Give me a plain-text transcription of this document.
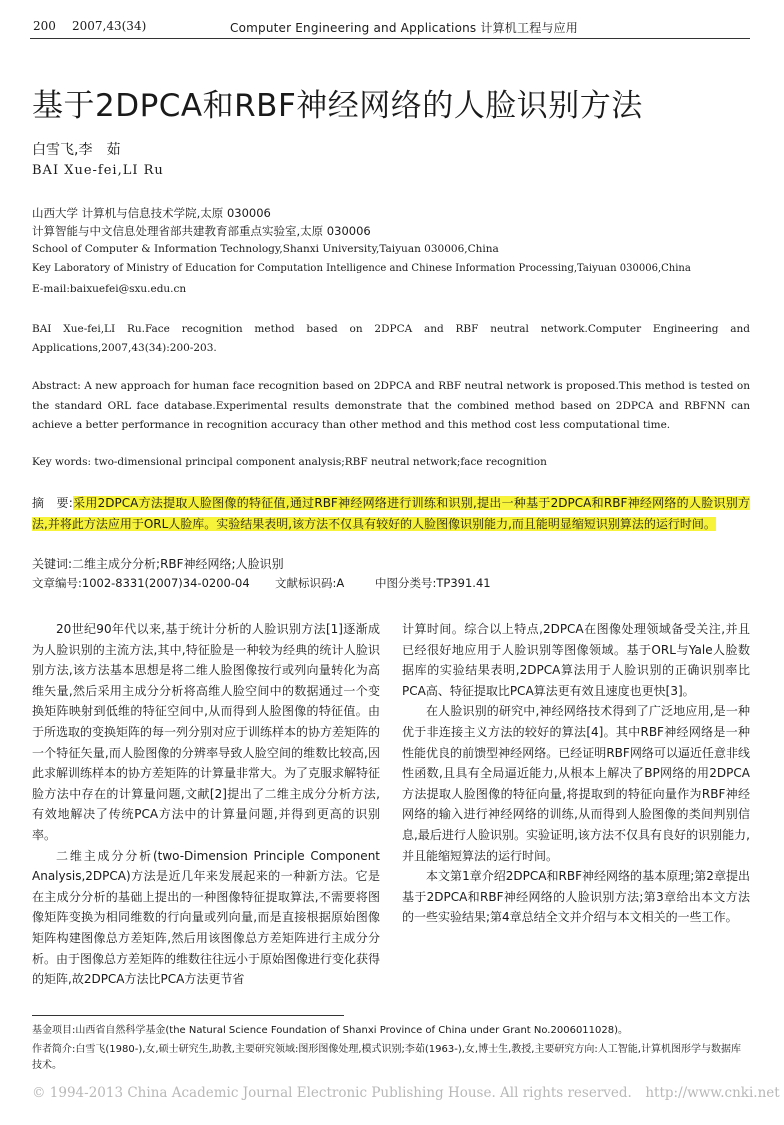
200 2007,43(34)	Computer Engineering and Applications 计算机工程与应用
基于2DPCA和RBF神经网络的人脸识别方法
白雪飞,李　茹
BAI Xue-fei,LI Ru
山西大学 计算机与信息技术学院,太原 030006
计算智能与中文信息处理省部共建教育部重点实验室,太原 030006
School of Computer & Information Technology,Shanxi University,Taiyuan 030006,China
Key Laboratory of Ministry of Education for Computation Intelligence and Chinese Information Processing,Taiyuan 030006,China
E-mail:baixuefei@sxu.edu.cn
BAI Xue-fei,LI Ru.Face recognition method based on 2DPCA and RBF neutral network.Computer Engineering and Applications,2007,43(34):200-203.
Abstract: A new approach for human face recognition based on 2DPCA and RBF neutral network is proposed.This method is tested on the standard ORL face database.Experimental results demonstrate that the combined method based on 2DPCA and RBFNN can achieve a better performance in recognition accuracy than other method and this method cost less computational time.
Key words: two-dimensional principal component analysis;RBF neutral network;face recognition
摘　要:采用2DPCA方法提取人脸图像的特征值,通过RBF神经网络进行训练和识别,提出一种基于2DPCA和RBF神经网络的人脸识别方法,并将此方法应用于ORL人脸库。实验结果表明,该方法不仅具有较好的人脸图像识别能力,而且能明显缩短识别算法的运行时间。
关键词:二维主成分分析;RBF神经网络;人脸识别
文章编号:1002-8331(2007)34-0200-04 文献标识码:A	中图分类号:TP391.41
20世纪90年代以来,基于统计分析的人脸识别方法[1]逐渐成为人脸识别的主流方法,其中,特征脸是一种较为经典的统计人脸识别方法,该方法基本思想是将二维人脸图像按行或列向量转化为高维矢量,然后采用主成分分析将高维人脸空间中的数据通过一个变换矩阵映射到低维的特征空间中,从而得到人脸图像的特征值。由于所选取的变换矩阵的每一列分别对应于训练样本的协方差矩阵的一个特征矢量,而人脸图像的分辨率导致人脸空间的维数比较高,因此求解训练样本的协方差矩阵的计算量非常大。为了克服求解特征脸方法中存在的计算量问题,文献[2]提出了二维主成分分析方法,有效地解决了传统PCA方法中的计算量问题,并得到更高的识别率。
二维主成分分析(two-Dimension Principle Component Analysis,2DPCA)方法是近几年来发展起来的一种新方法。它是在主成分分析的基础上提出的一种图像特征提取算法,不需要将图像矩阵变换为相同维数的行向量或列向量,而是直接根据原始图像矩阵构建图像总方差矩阵,然后用该图像总方差矩阵进行主成分分析。由于图像总方差矩阵的维数往往远小于原始图像进行变化获得的矩阵,故2DPCA方法比PCA方法更节省
计算时间。综合以上特点,2DPCA在图像处理领域备受关注,并且已经很好地应用于人脸识别等图像领域。基于ORL与Yale人脸数据库的实验结果表明,2DPCA算法用于人脸识别的正确识别率比PCA高、特征提取比PCA算法更有效且速度也更快[3]。
在人脸识别的研究中,神经网络技术得到了广泛地应用,是一种优于非连接主义方法的较好的算法[4]。其中RBF神经网络是一种性能优良的前馈型神经网络。已经证明RBF网络可以逼近任意非线性函数,且具有全局逼近能力,从根本上解决了BP网络的用2DPCA方法提取人脸图像的特征向量,将提取到的特征向量作为RBF神经网络的输入进行神经网络的训练,从而得到人脸图像的类间判别信息,最后进行人脸识别。实验证明,该方法不仅具有良好的识别能力,并且能缩短算法的运行时间。
本文第1章介绍2DPCA和RBF神经网络的基本原理;第2章提出基于2DPCA和RBF神经网络的人脸识别方法;第3章给出本文方法的一些实验结果;第4章总结全文并介绍与本文相关的一些工作。
基金项目:山西省自然科学基金(the Natural Science Foundation of Shanxi Province of China under Grant No.2006011028)。
作者简介:白雪飞(1980-),女,硕士研究生,助教,主要研究领域:图形图像处理,模式识别;李茹(1963-),女,博士生,教授,主要研究方向:人工智能,计算机图形学与数据库技术。
© 1994-2013 China Academic Journal Electronic Publishing House. All rights reserved.　http://www.cnki.net
